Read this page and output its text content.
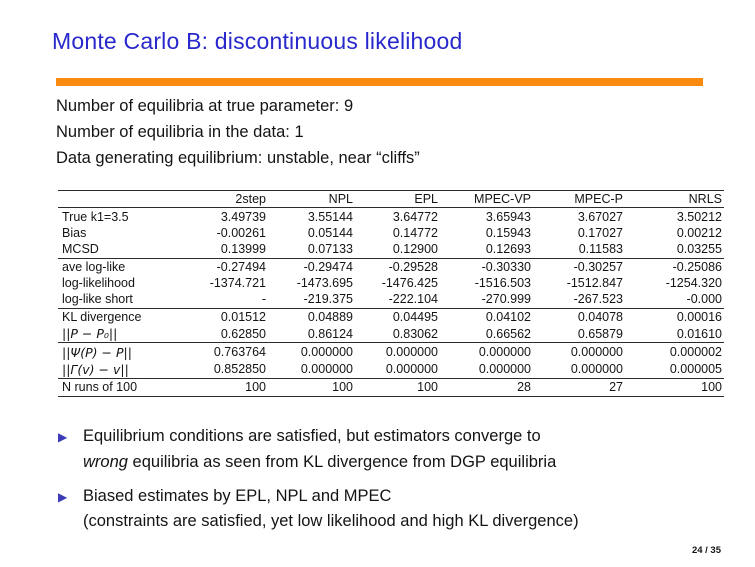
Monte Carlo B: discontinuous likelihood
Number of equilibria at true parameter: 9
Number of equilibria in the data: 1
Data generating equilibrium: unstable, near “cliffs”
	2step	NPL	EPL	MPEC-VP	MPEC-P	NRLS
True k1=3.5	3.49739	3.55144	3.64772	3.65943	3.67027	3.50212
Bias	-0.00261	0.05144	0.14772	0.15943	0.17027	0.00212
MCSD	0.13999	0.07133	0.12900	0.12693	0.11583	0.03255
ave log-like	-0.27494	-0.29474	-0.29528	-0.30330	-0.30257	-0.25086
log-likelihood	-1374.721	-1473.695	-1476.425	-1516.503	-1512.847	-1254.320
log-like short	-	-219.375	-222.104	-270.999	-267.523	-0.000
KL divergence	0.01512	0.04889	0.04495	0.04102	0.04078	0.00016
||P − P₀||	0.62850	0.86124	0.83062	0.66562	0.65879	0.01610
||Ψ(P) − P||	0.763764	0.000000	0.000000	0.000000	0.000000	0.000002
||Γ(v) − v||	0.852850	0.000000	0.000000	0.000000	0.000000	0.000005
N runs of 100	100	100	100	28	27	100
▶ Equilibrium conditions are satisfied, but estimators converge to
wrong equilibria as seen from KL divergence from DGP equilibria
▶ Biased estimates by EPL, NPL and MPEC
(constraints are satisfied, yet low likelihood and high KL divergence)
24 / 35
